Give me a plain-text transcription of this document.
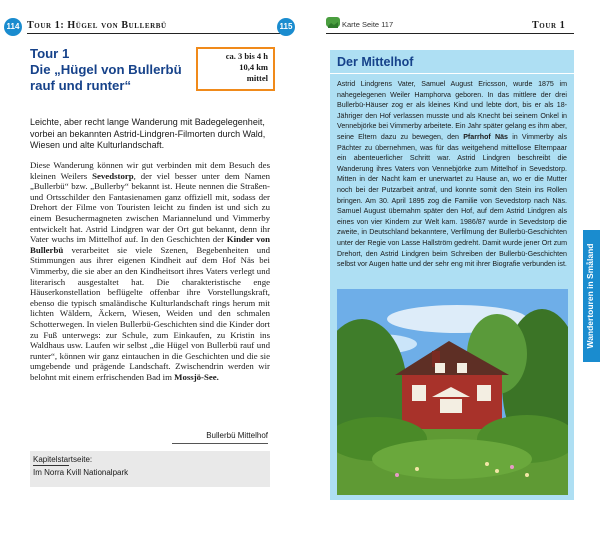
114 Tour 1: Hügel von Bullerbü
Tour 1
Die „Hügel von Bullerbü rauf und runter“
ca. 3 bis 4 h
10,4 km
mittel
Leichte, aber recht lange Wanderung mit Badegelegenheit, vorbei an bekannten Astrid-Lindgren-Filmorten durch Wald, Wiesen und alte Kulturlandschaft.
Diese Wanderung können wir gut verbinden mit dem Besuch des kleinen Weilers Sevedstorp, der viel besser unter dem Namen „Bullerbü“ bzw. „Bullerby“ bekannt ist. Heute nennen die Straßen- und Ortsschilder den Fantasienamen ganz offiziell mit, sodass der Drehort der Filme von Touristen leicht zu finden ist und sich zu einem Besuchermagneten zwischen Mariannelund und Vimmerby entwickelt hat. Astrid Lindgren war der Ort gut bekannt, denn ihr Vater wuchs im Mittelhof auf. In den Geschichten der Kinder von Bullerbü verarbeitet sie viele Szenen, Begebenheiten und Stimmungen aus ihrer eigenen Kindheit auf dem Hof Näs bei Vimmerby, die sie aber an den Kindheitsort ihres Vaters verlegt und literarisch ausgestaltet hat. Die charakteristische enge Häuserkonstellation beflügelte offenbar ihre Vorstellungskraft, ebenso die typisch smaländische Kulturlandschaft rings herum mit lichten Wäldern, Äckern, Wiesen, Weiden und den schmalen Schotterwegen. In vielen Bullerbü-Geschichten sind die Kinder dort zu Fuß unterwegs: zur Schule, zum Einkaufen, zu Kristin ins Waldhaus usw. Laufen wir selbst „die Hügel von Bullerbü rauf und runter“, können wir ganz eintauchen in die Geschichten und die sie umgebende und prägende Landschaft. Zwischendrin werden wir belohnt mit einem erfrischenden Bad im Mossjö-See.
Bullerbü Mittelhof
Kapitelstartseite:
Im Norra Kvill Nationalpark
Karte Seite 117	Tour 1
115
Der Mittelhof
Astrid Lindgrens Vater, Samuel August Ericsson, wurde 1875 im nahegelegenen Weiler Hamphorva geboren. In das mittlere der drei Bullerbü-Häuser zog er als kleines Kind und lebte dort, bis er als 18-Jähriger den Hof verlassen musste und als Knecht bei seinem Onkel in Vennebjörke bei Vimmerby arbeitete. Ein Jahr später gelang es ihm aber, seine Eltern dazu zu bewegen, den Pfarrhof Näs in Vimmerby als Pächter zu übernehmen, was für das weitgehend mittellose Elternpaar ein abenteuerlicher Schritt war. Astrid Lindgren beschreibt die Wanderung ihres Vaters von Vennebjörke zum Mittelhof in Sevedstorp. Mitten in der Nacht kam er unerwartet zu Hause an, wo er die Mutter noch bei der Putzarbeit antraf, und konnte somit den Stein ins Rollen bringen. Am 30. April 1895 zog die Familie von Sevedstorp nach Näs. Samuel August übernahm später den Hof, auf dem Astrid Lindgren als eines von vier Kindern zur Welt kam. 1986/87 wurde in Sevedstorp die zweite, in Deutschland bekanntere, Verfilmung der Bullerbü-Geschichten unter der Regie von Lasse Hallström gedreht. Damit wurde jener Ort zum Drehort, den Astrid Lindgren beim Schreiben der Bullerbü-Geschichten selbst vor Augen hatte und der sehr eng mit ihrer Biografie verbunden ist. Wandertouren in Småland
